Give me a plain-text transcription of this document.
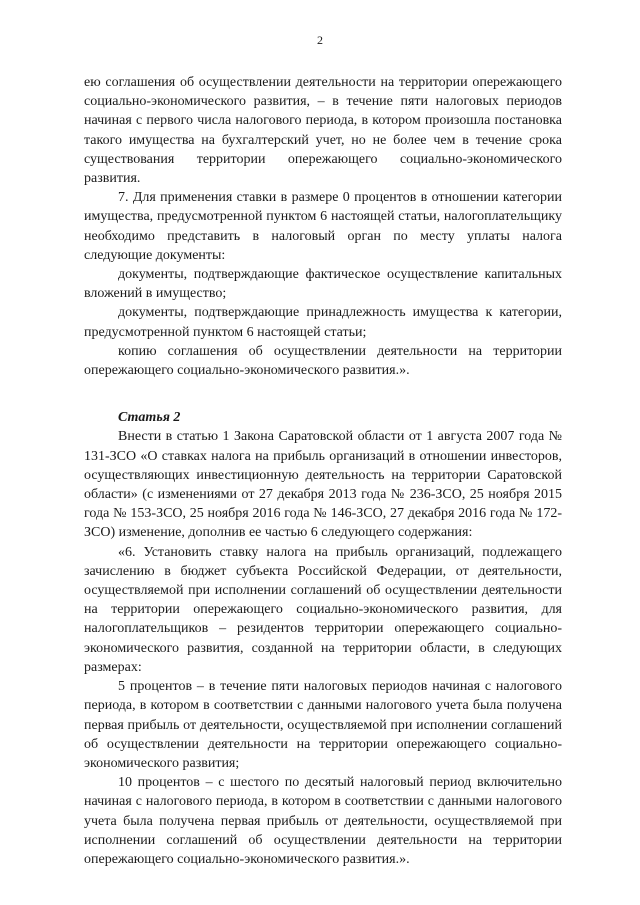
2

ею соглашения об осуществлении деятельности на территории опережающего социально-экономического развития, – в течение пяти налоговых периодов начиная с первого числа налогового периода, в котором произошла постановка такого имущества на бухгалтерский учет, но не более чем в течение срока существования территории опережающего социально-экономического развития.

7. Для применения ставки в размере 0 процентов в отношении категории имущества, предусмотренной пунктом 6 настоящей статьи, налогоплательщику необходимо представить в налоговый орган по месту уплаты налога следующие документы:

документы, подтверждающие фактическое осуществление капитальных вложений в имущество;

документы, подтверждающие принадлежность имущества к категории, предусмотренной пунктом 6 настоящей статьи;

копию соглашения об осуществлении деятельности на территории опережающего социально-экономического развития.».

Статья 2

Внести в статью 1 Закона Саратовской области от 1 августа 2007 года № 131-ЗСО «О ставках налога на прибыль организаций в отношении инвесторов, осуществляющих инвестиционную деятельность на территории Саратовской области» (с изменениями от 27 декабря 2013 года № 236-ЗСО, 25 ноября 2015 года № 153-ЗСО, 25 ноября 2016 года № 146-ЗСО, 27 декабря 2016 года № 172-ЗСО) изменение, дополнив ее частью 6 следующего содержания:

«6. Установить ставку налога на прибыль организаций, подлежащего зачислению в бюджет субъекта Российской Федерации, от деятельности, осуществляемой при исполнении соглашений об осуществлении деятельности на территории опережающего социально-экономического развития, для налогоплательщиков – резидентов территории опережающего социально-экономического развития, созданной на территории области, в следующих размерах:

5 процентов – в течение пяти налоговых периодов начиная с налогового периода, в котором в соответствии с данными налогового учета была получена первая прибыль от деятельности, осуществляемой при исполнении соглашений об осуществлении деятельности на территории опережающего социально-экономического развития;

10 процентов – с шестого по десятый налоговый период включительно начиная с налогового периода, в котором в соответствии с данными налогового учета была получена первая прибыль от деятельности, осуществляемой при исполнении соглашений об осуществлении деятельности на территории опережающего социально-экономического развития.».
